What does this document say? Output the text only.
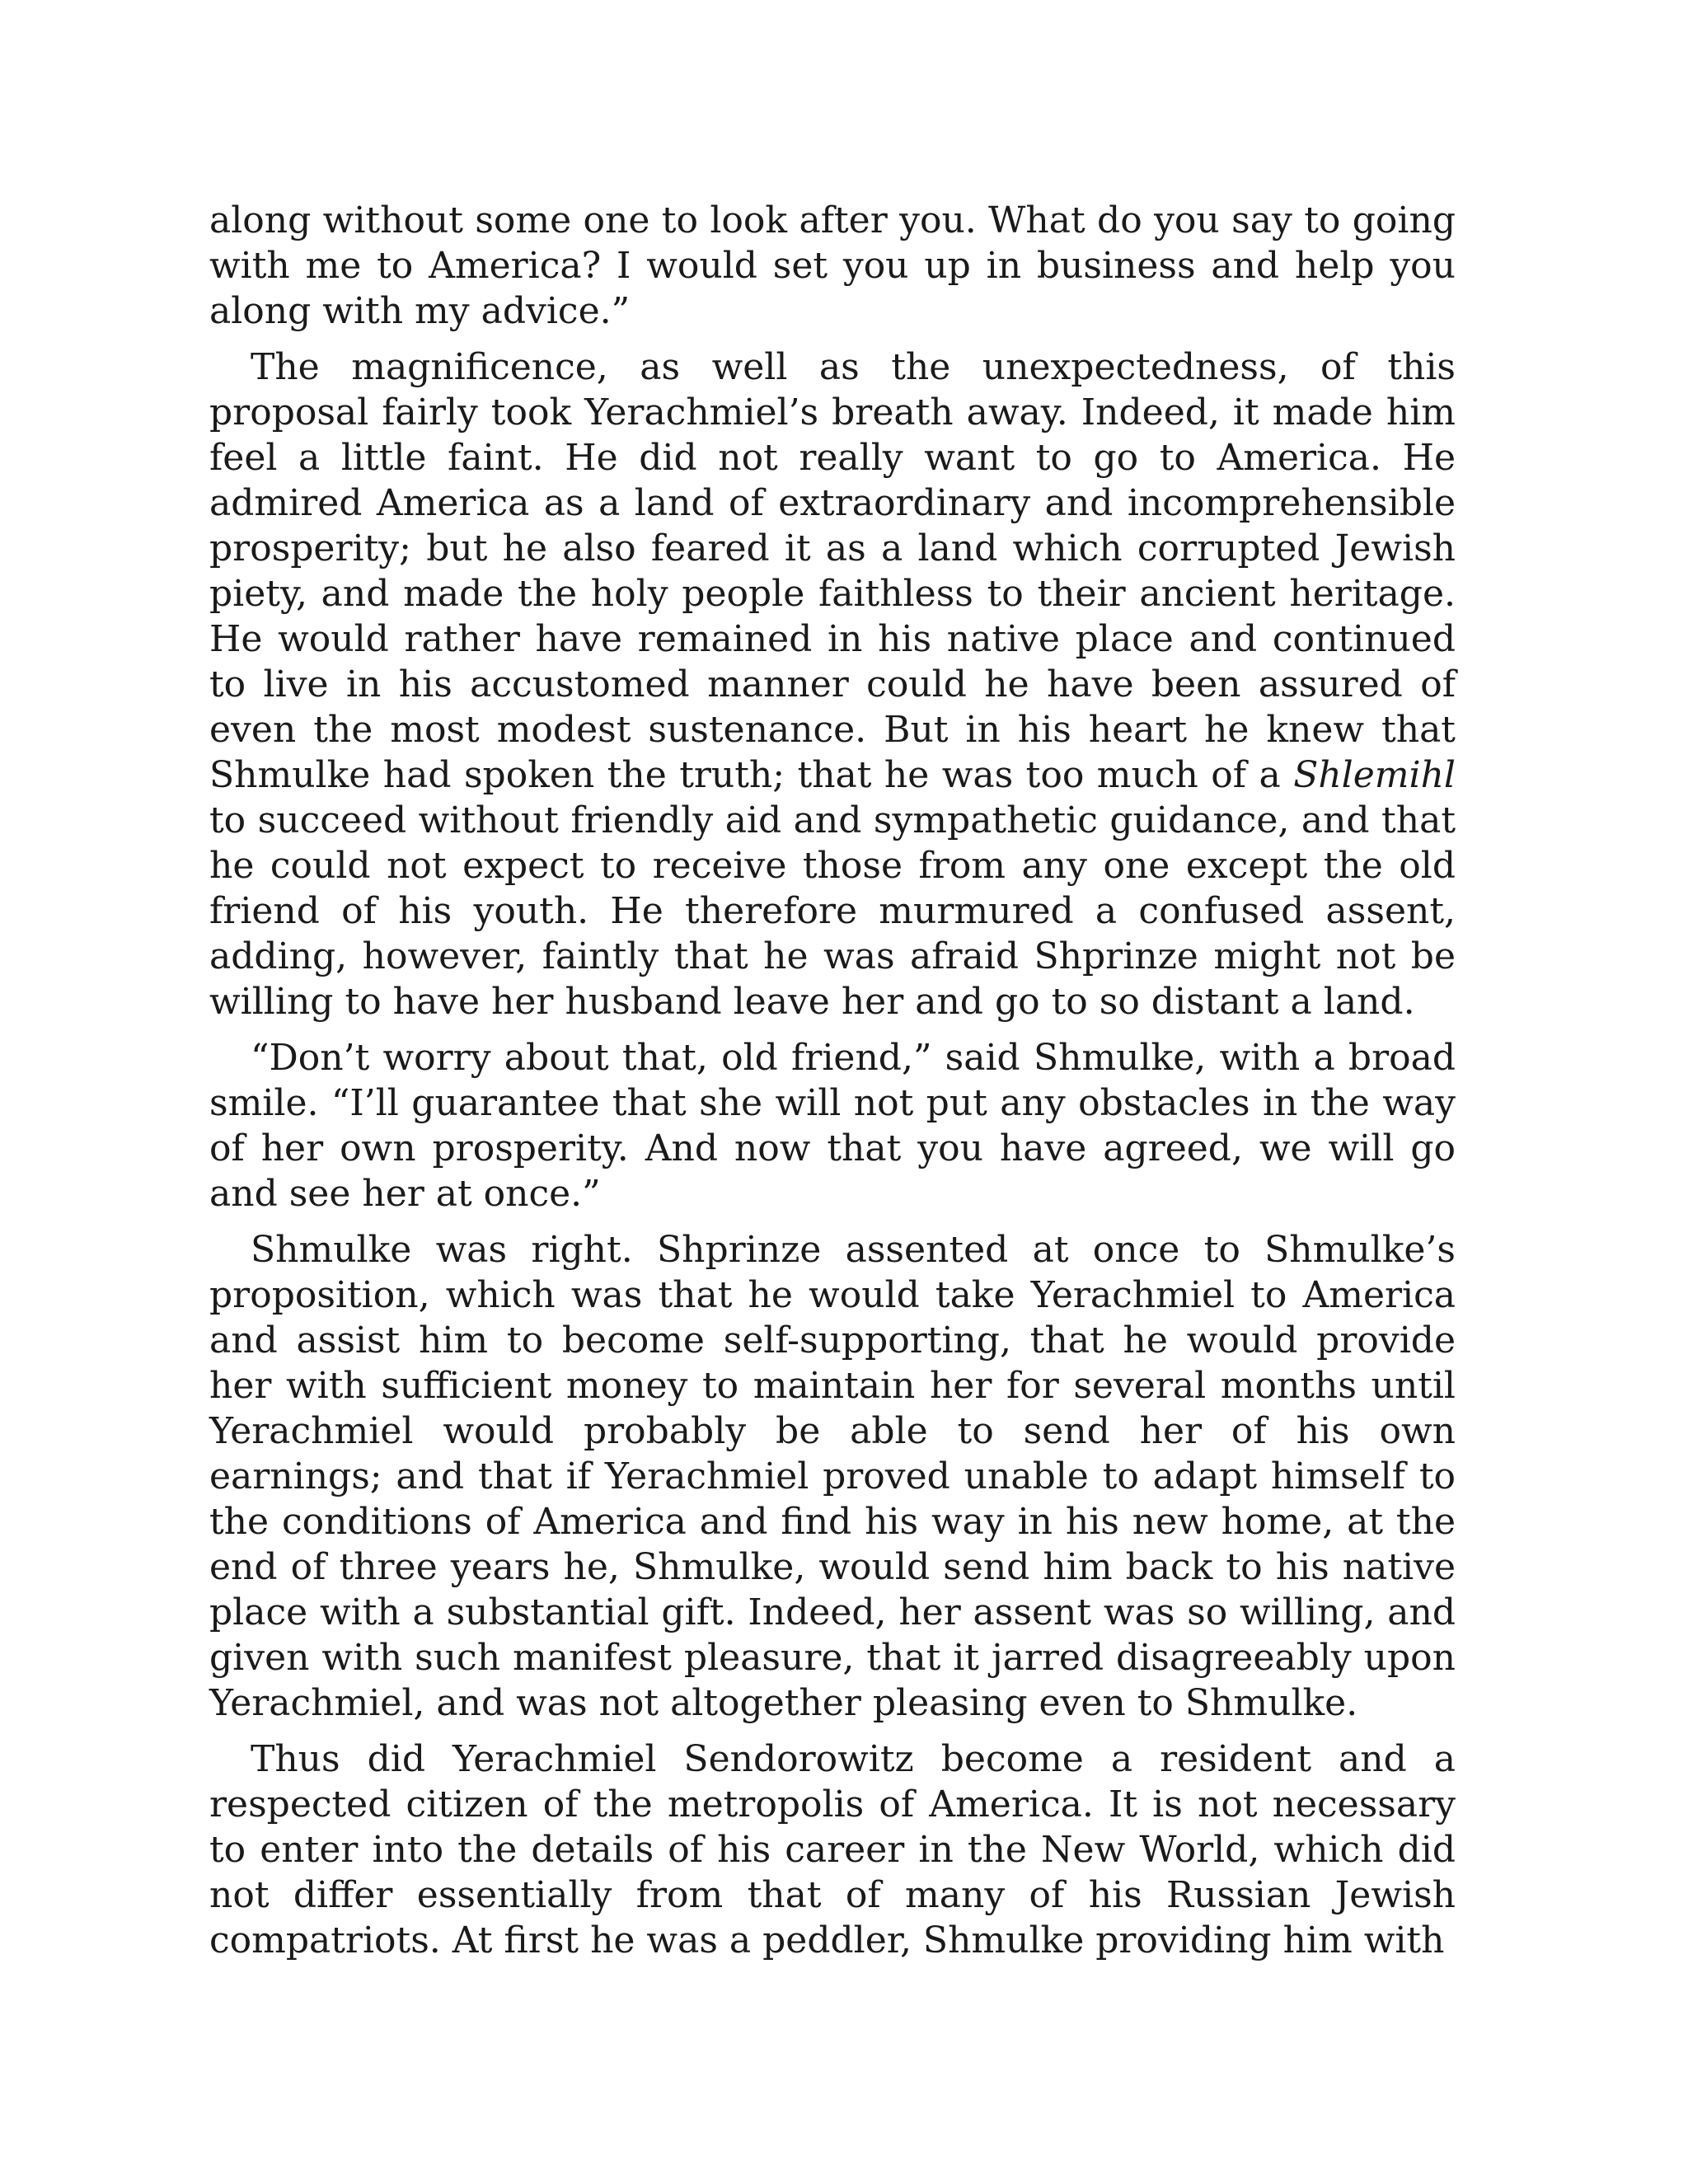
along without some one to look after you. What do you say to going with me to America? I would set you up in business and help you along with my advice.”

The magnificence, as well as the unexpectedness, of this proposal fairly took Yerachmiel’s breath away. Indeed, it made him feel a little faint. He did not really want to go to America. He admired America as a land of extraordinary and incomprehensible prosperity; but he also feared it as a land which corrupted Jewish piety, and made the holy people faithless to their ancient heritage. He would rather have remained in his native place and continued to live in his accustomed manner could he have been assured of even the most modest sustenance. But in his heart he knew that Shmulke had spoken the truth; that he was too much of a Shlemihl to succeed without friendly aid and sympathetic guidance, and that he could not expect to receive those from any one except the old friend of his youth. He therefore murmured a confused assent, adding, however, faintly that he was afraid Shprinze might not be willing to have her husband leave her and go to so distant a land.

“Don’t worry about that, old friend,” said Shmulke, with a broad smile. “I’ll guarantee that she will not put any obstacles in the way of her own prosperity. And now that you have agreed, we will go and see her at once.”

Shmulke was right. Shprinze assented at once to Shmulke’s proposition, which was that he would take Yerachmiel to America and assist him to become self-supporting, that he would provide her with sufficient money to maintain her for several months until Yerachmiel would probably be able to send her of his own earnings; and that if Yerachmiel proved unable to adapt himself to the conditions of America and find his way in his new home, at the end of three years he, Shmulke, would send him back to his native place with a substantial gift. Indeed, her assent was so willing, and given with such manifest pleasure, that it jarred disagreeably upon Yerachmiel, and was not altogether pleasing even to Shmulke.

Thus did Yerachmiel Sendorowitz become a resident and a respected citizen of the metropolis of America. It is not necessary to enter into the details of his career in the New World, which did not differ essentially from that of many of his Russian Jewish compatriots. At first he was a peddler, Shmulke providing him with
